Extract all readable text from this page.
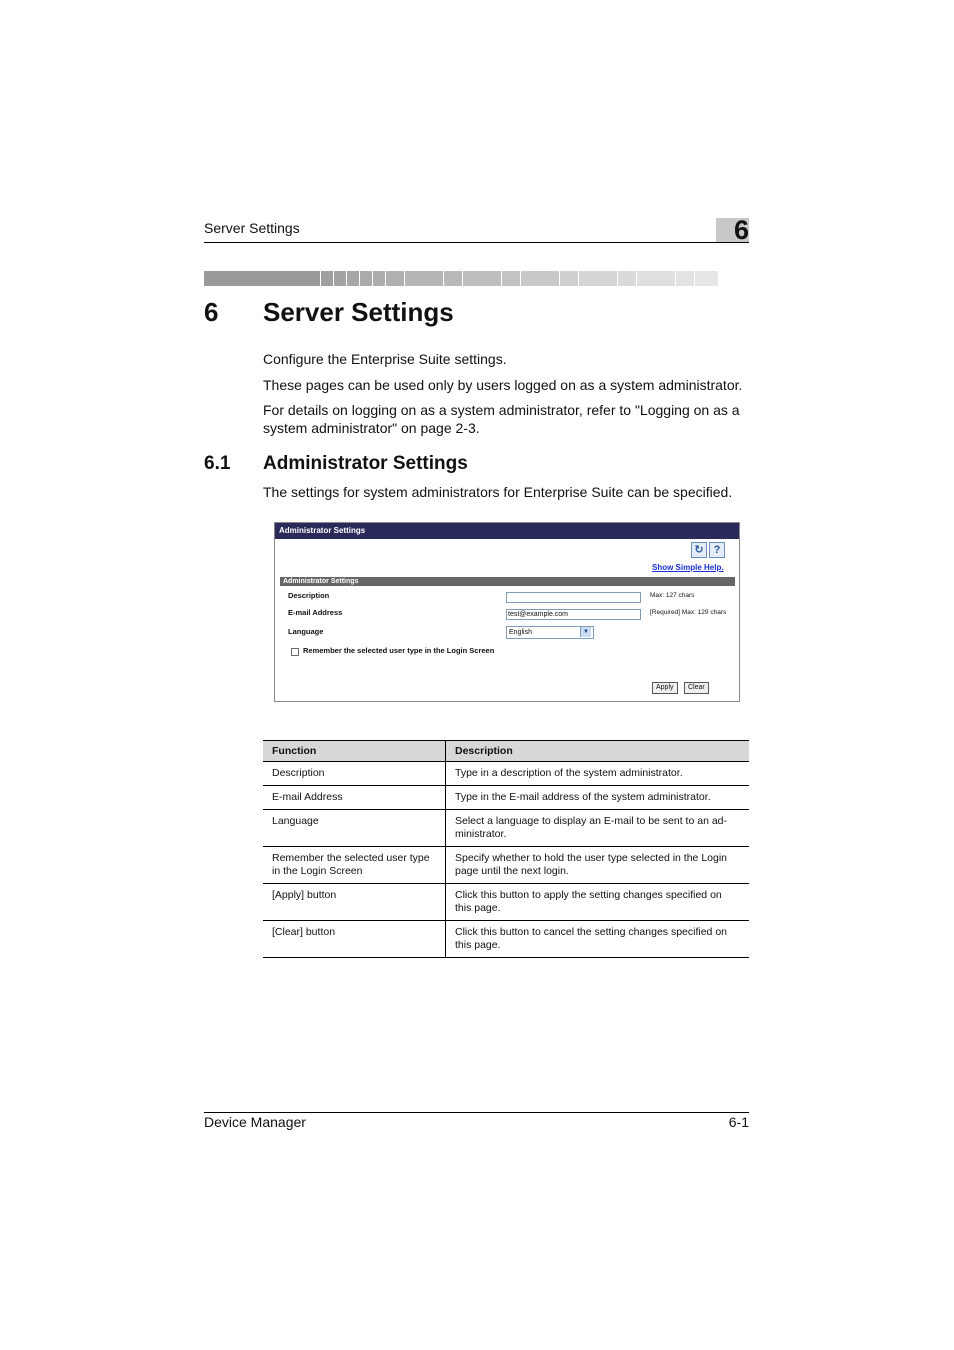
Server Settings	6
6 Server Settings
Configure the Enterprise Suite settings.
These pages can be used only by users logged on as a system administrator.
For details on logging on as a system administrator, refer to "Logging on as a system administrator" on page 2-3.
6.1 Administrator Settings
The settings for system administrators for Enterprise Suite can be specified.
Administrator Settings
↻ ?
Show Simple Help.
Administrator Settings
Description	Max: 127 chars
E-mail Address	test@example.com	[Required] Max: 129 chars
Language	English	▼
Remember the selected user type in the Login Screen
Apply	Clear
Function	Description
Description	Type in a description of the system administrator.
E-mail Address	Type in the E-mail address of the system administrator.
Language	Select a language to display an E-mail to be sent to an ad-ministrator.
Remember the selected user type in the Login Screen	Specify whether to hold the user type selected in the Login page until the next login.
[Apply] button	Click this button to apply the setting changes specified on this page.
[Clear] button	Click this button to cancel the setting changes specified on this page.
Device Manager	6-1
